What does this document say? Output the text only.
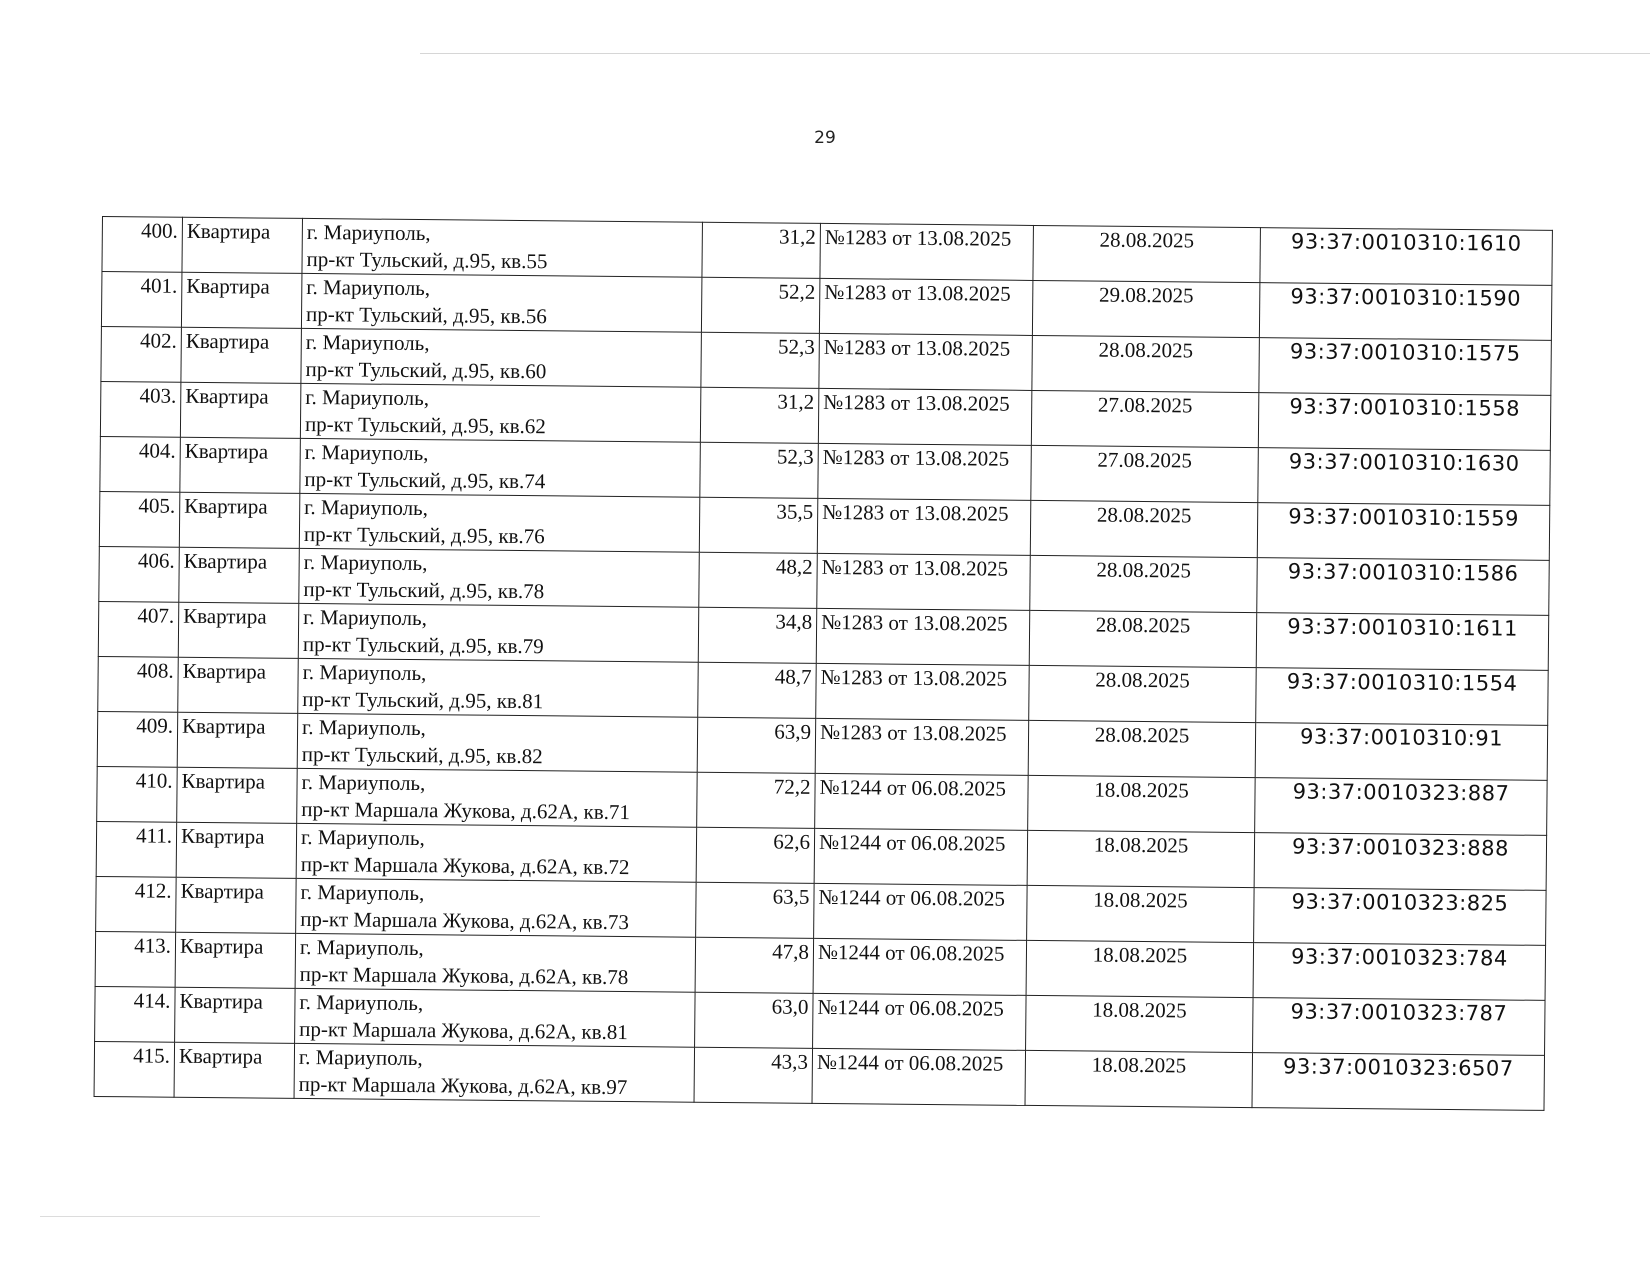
29
400.	Квартира	г. Мариуполь,
пр-кт Тульский, д.95, кв.55	31,2	№1283 от 13.08.2025	28.08.2025	93:37:0010310:1610
401.	Квартира	г. Мариуполь,
пр-кт Тульский, д.95, кв.56	52,2	№1283 от 13.08.2025	29.08.2025	93:37:0010310:1590
402.	Квартира	г. Мариуполь,
пр-кт Тульский, д.95, кв.60	52,3	№1283 от 13.08.2025	28.08.2025	93:37:0010310:1575
403.	Квартира	г. Мариуполь,
пр-кт Тульский, д.95, кв.62	31,2	№1283 от 13.08.2025	27.08.2025	93:37:0010310:1558
404.	Квартира	г. Мариуполь,
пр-кт Тульский, д.95, кв.74	52,3	№1283 от 13.08.2025	27.08.2025	93:37:0010310:1630
405.	Квартира	г. Мариуполь,
пр-кт Тульский, д.95, кв.76	35,5	№1283 от 13.08.2025	28.08.2025	93:37:0010310:1559
406.	Квартира	г. Мариуполь,
пр-кт Тульский, д.95, кв.78	48,2	№1283 от 13.08.2025	28.08.2025	93:37:0010310:1586
407.	Квартира	г. Мариуполь,
пр-кт Тульский, д.95, кв.79	34,8	№1283 от 13.08.2025	28.08.2025	93:37:0010310:1611
408.	Квартира	г. Мариуполь,
пр-кт Тульский, д.95, кв.81	48,7	№1283 от 13.08.2025	28.08.2025	93:37:0010310:1554
409.	Квартира	г. Мариуполь,
пр-кт Тульский, д.95, кв.82	63,9	№1283 от 13.08.2025	28.08.2025	93:37:0010310:91
410.	Квартира	г. Мариуполь,
пр-кт Маршала Жукова, д.62А, кв.71	72,2	№1244 от 06.08.2025	18.08.2025	93:37:0010323:887
411.	Квартира	г. Мариуполь,
пр-кт Маршала Жукова, д.62А, кв.72	62,6	№1244 от 06.08.2025	18.08.2025	93:37:0010323:888
412.	Квартира	г. Мариуполь,
пр-кт Маршала Жукова, д.62А, кв.73	63,5	№1244 от 06.08.2025	18.08.2025	93:37:0010323:825
413.	Квартира	г. Мариуполь,
пр-кт Маршала Жукова, д.62А, кв.78	47,8	№1244 от 06.08.2025	18.08.2025	93:37:0010323:784
414.	Квартира	г. Мариуполь,
пр-кт Маршала Жукова, д.62А, кв.81	63,0	№1244 от 06.08.2025	18.08.2025	93:37:0010323:787
415.	Квартира	г. Мариуполь,
пр-кт Маршала Жукова, д.62А, кв.97	43,3	№1244 от 06.08.2025	18.08.2025	93:37:0010323:6507
